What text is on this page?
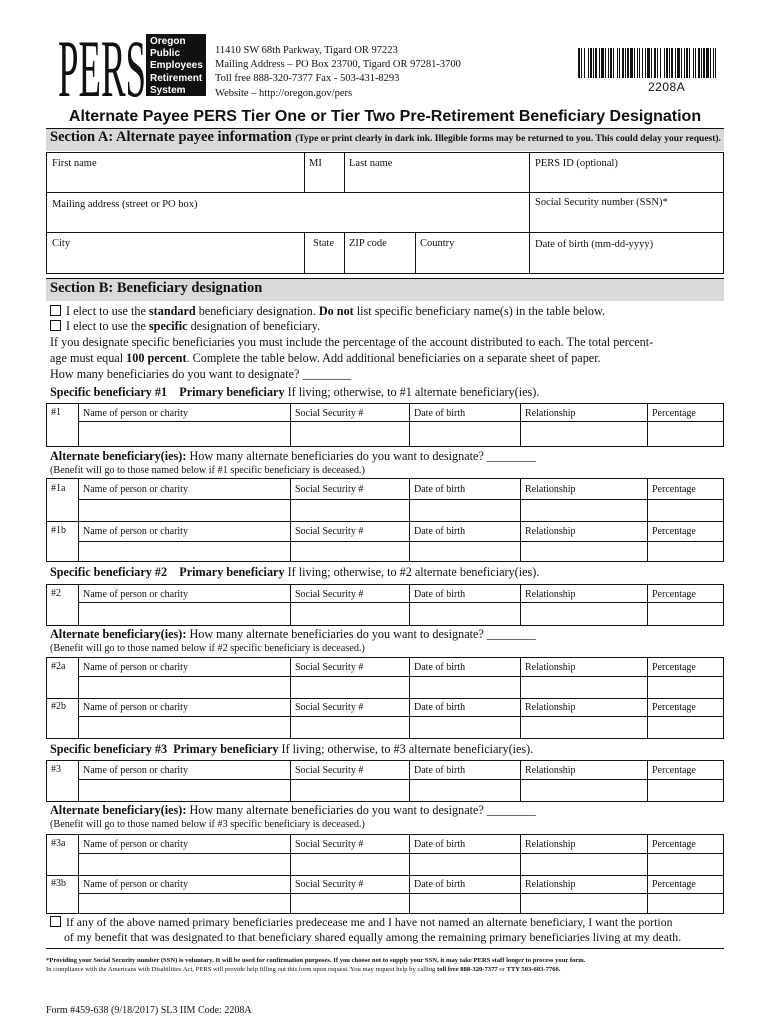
PERS Oregon
Public
Employees
Retirement
System
11410 SW 68th Parkway, Tigard OR 97223
Mailing Address – PO Box 23700, Tigard OR 97281-3700
Toll free 888-320-7377 Fax - 503-431-8293
Website – http://oregon.gov/pers	2208A
Alternate Payee PERS Tier One or Tier Two Pre-Retirement Beneficiary Designation
Section A: Alternate payee information (Type or print clearly in dark ink. Illegible forms may be returned to you. This could delay your request).
First name	MI	Last name	PERS ID (optional)
Mailing address (street or PO box)	Social Security number (SSN)*
City	State ZIP code	Country	Date of birth (mm-dd-yyyy)
Section B: Beneficiary designation
I elect to use the standard beneficiary designation. Do not list specific beneficiary name(s) in the table below.
I elect to use the specific designation of beneficiary.
If you designate specific beneficiaries you must include the percentage of the account distributed to each. The total percent-
age must equal 100 percent. Complete the table below. Add additional beneficiaries on a separate sheet of paper.
How many beneficiaries do you want to designate? ________
Specific beneficiary #1 Primary beneficiary If living; otherwise, to #1 alternate beneficiary(ies).
#1 Name of person or charity	Social Security #	Date of birth	Relationship	Percentage
Alternate beneficiary(ies): How many alternate beneficiaries do you want to designate? ________
(Benefit will go to those named below if #1 specific beneficiary is deceased.)
#1a Name of person or charity	Social Security #	Date of birth	Relationship	Percentage
#1b Name of person or charity	Social Security #	Date of birth	Relationship	Percentage
Specific beneficiary #2 Primary beneficiary If living; otherwise, to #2 alternate beneficiary(ies).
#2 Name of person or charity	Social Security #	Date of birth	Relationship	Percentage
Alternate beneficiary(ies): How many alternate beneficiaries do you want to designate? ________
(Benefit will go to those named below if #2 specific beneficiary is deceased.)
#2a Name of person or charity	Social Security #	Date of birth	Relationship	Percentage
#2b Name of person or charity	Social Security #	Date of birth	Relationship	Percentage
Specific beneficiary #3 Primary beneficiary If living; otherwise, to #3 alternate beneficiary(ies).
#3 Name of person or charity	Social Security #	Date of birth	Relationship	Percentage
Alternate beneficiary(ies): How many alternate beneficiaries do you want to designate? ________
(Benefit will go to those named below if #3 specific beneficiary is deceased.)
#3a Name of person or charity	Social Security #	Date of birth	Relationship	Percentage
#3b Name of person or charity	Social Security #	Date of birth	Relationship	Percentage
If any of the above named primary beneficiaries predecease me and I have not named an alternate beneficiary, I want the portion
of my benefit that was designated to that beneficiary shared equally among the remaining primary beneficiaries living at my death.
*Providing your Social Security number (SSN) is voluntary. It will be used for confirmation purposes. If you choose not to supply your SSN, it may take PERS staff longer to process your form.
In compliance with the Americans with Disabilities Act, PERS will provide help filling out this form upon request. You may request help by calling toll free 888-320-7377 or TTY 503-603-7766.
Form #459-638 (9/18/2017) SL3 IIM Code: 2208A
